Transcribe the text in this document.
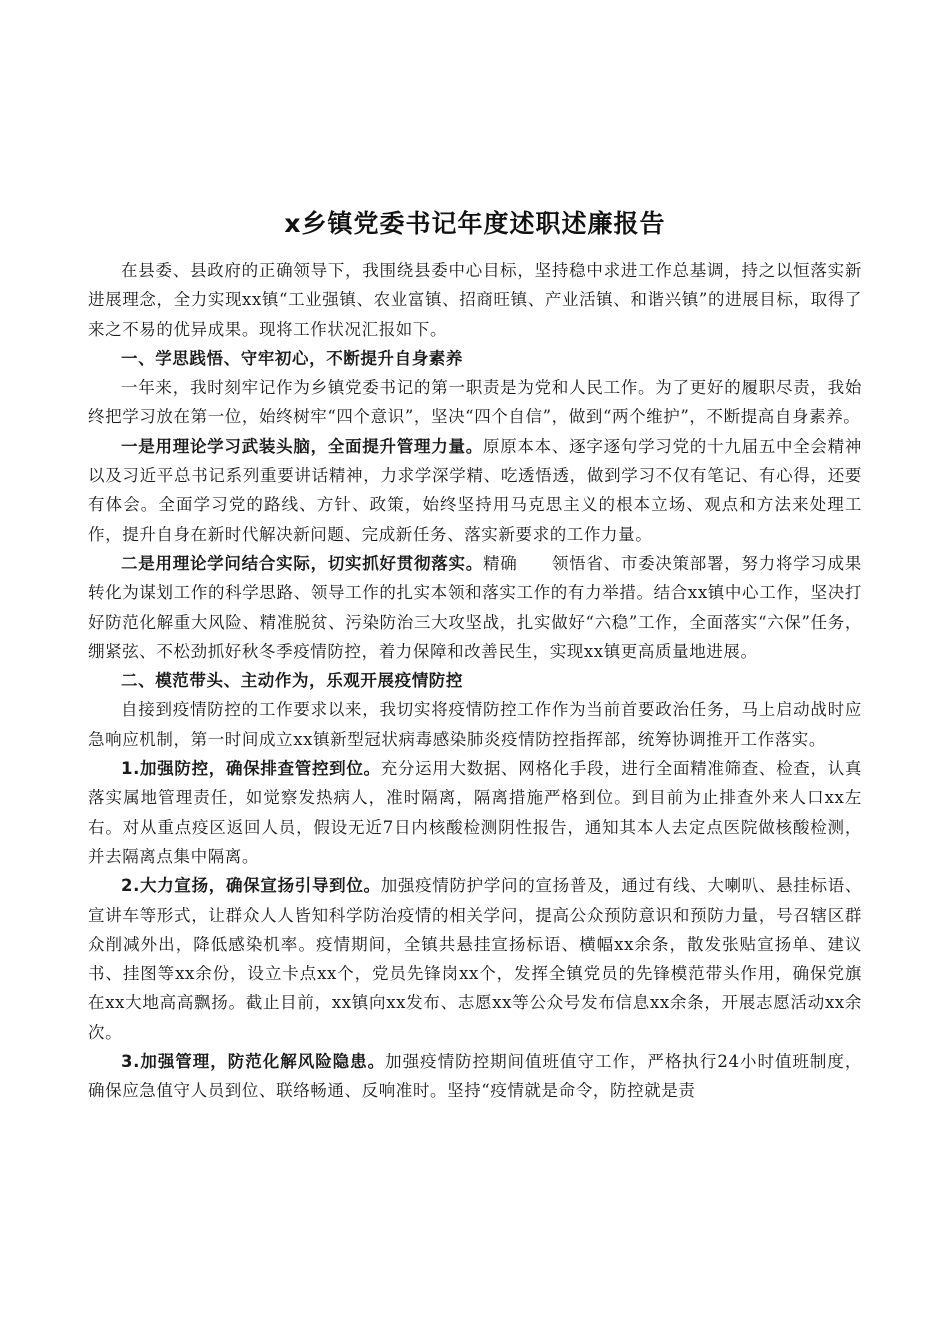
x乡镇党委书记年度述职述廉报告

在县委、县政府的正确领导下，我围绕县委中心目标，坚持稳中求进工作总基调，持之以恒落实新进展理念，全力实现xx镇“工业强镇、农业富镇、招商旺镇、产业活镇、和谐兴镇”的进展目标，取得了来之不易的优异成果。现将工作状况汇报如下。

一、学思践悟、守牢初心，不断提升自身素养

一年来，我时刻牢记作为乡镇党委书记的第一职责是为党和人民工作。为了更好的履职尽责，我始终把学习放在第一位，始终树牢“四个意识”，坚决“四个自信”，做到“两个维护”，不断提高自身素养。

一是用理论学习武装头脑，全面提升管理力量。原原本本、逐字逐句学习党的十九届五中全会精神以及习近平总书记系列重要讲话精神，力求学深学精、吃透悟透，做到学习不仅有笔记、有心得，还要有体会。全面学习党的路线、方针、政策，始终坚持用马克思主义的根本立场、观点和方法来处理工作，提升自身在新时代解决新问题、完成新任务、落实新要求的工作力量。

二是用理论学问结合实际，切实抓好贯彻落实。精确　　领悟省、市委决策部署，努力将学习成果转化为谋划工作的科学思路、领导工作的扎实本领和落实工作的有力举措。结合xx镇中心工作，坚决打好防范化解重大风险、精准脱贫、污染防治三大攻坚战，扎实做好“六稳”工作，全面落实“六保”任务，绷紧弦、不松劲抓好秋冬季疫情防控，着力保障和改善民生，实现xx镇更高质量地进展。

二、模范带头、主动作为，乐观开展疫情防控

自接到疫情防控的工作要求以来，我切实将疫情防控工作作为当前首要政治任务，马上启动战时应急响应机制，第一时间成立xx镇新型冠状病毒感染肺炎疫情防控指挥部，统筹协调推开工作落实。

1.加强防控，确保排查管控到位。充分运用大数据、网格化手段，进行全面精准筛查、检查，认真落实属地管理责任，如觉察发热病人，准时隔离，隔离措施严格到位。到目前为止排查外来人口xx左右。对从重点疫区返回人员，假设无近7日内核酸检测阴性报告，通知其本人去定点医院做核酸检测，并去隔离点集中隔离。

2.大力宣扬，确保宣扬引导到位。加强疫情防护学问的宣扬普及，通过有线、大喇叭、悬挂标语、宣讲车等形式，让群众人人皆知科学防治疫情的相关学问，提高公众预防意识和预防力量，号召辖区群众削减外出，降低感染机率。疫情期间，全镇共悬挂宣扬标语、横幅xx余条，散发张贴宣扬单、建议书、挂图等xx余份，设立卡点xx个，党员先锋岗xx个，发挥全镇党员的先锋模范带头作用，确保党旗在xx大地高高飘扬。截止目前，xx镇向xx发布、志愿xx等公众号发布信息xx余条，开展志愿活动xx余次。

3.加强管理，防范化解风险隐患。加强疫情防控期间值班值守工作，严格执行24小时值班制度，确保应急值守人员到位、联络畅通、反响准时。坚持“疫情就是命令，防控就是责
